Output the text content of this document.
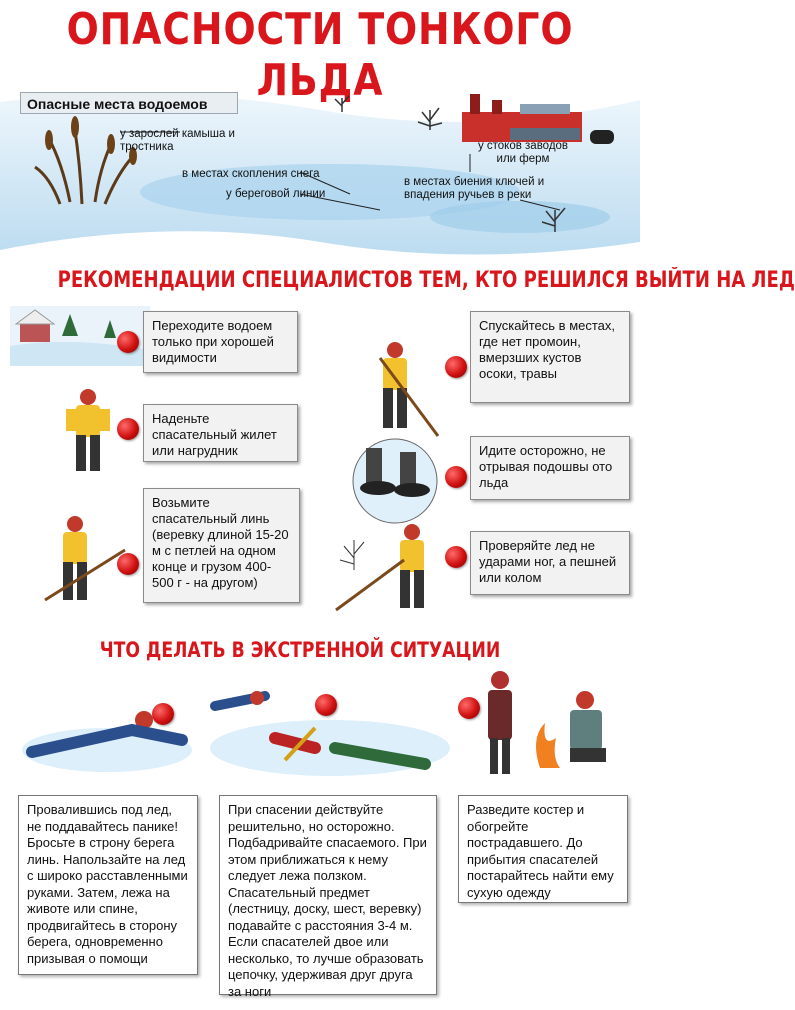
ОПАСНОСТИ ТОНКОГО ЛЬДА
Опасные места водоемов
у зарослей камыша и тростника
в местах скопления снега
у береговой линии
у стоков заводов или ферм
в местах биения ключей и впадения ручьев в реки
РЕКОМЕНДАЦИИ СПЕЦИАЛИСТОВ ТЕМ, КТО РЕШИЛСЯ ВЫЙТИ НА ЛЕД
Переходите водоем только при хорошей видимости
Наденьте спасательный жилет или нагрудник
Возьмите спасательный линь (веревку длиной 15-20 м с петлей на одном конце и грузом 400-500 г - на другом)
Спускайтесь в местах, где нет промоин, вмерзших кустов осоки, травы
Идите осторожно, не отрывая подошвы ото льда
Проверяйте лед не ударами ног, а пешней или колом
ЧТО ДЕЛАТЬ В ЭКСТРЕННОЙ СИТУАЦИИ
Провалившись под лед, не поддавайтесь панике! Бросьте в строну берега линь. Напользайте на лед с широко расставленными руками. Затем, лежа на животе или спине, продвигайтесь в сторону берега, одновременно призывая о помощи
При спасении действуйте решительно, но осторожно. Подбадривайте спасаемого. При этом приближаться к нему следует лежа ползком. Спасательный предмет (лестницу, доску, шест, веревку) подавайте с расстояния 3-4 м. Если спасателей двое или несколько, то лучше образовать цепочку, удерживая друг друга за ноги
Разведите костер и обогрейте пострадавшего. До прибытия спасателей постарайтесь найти ему сухую одежду
